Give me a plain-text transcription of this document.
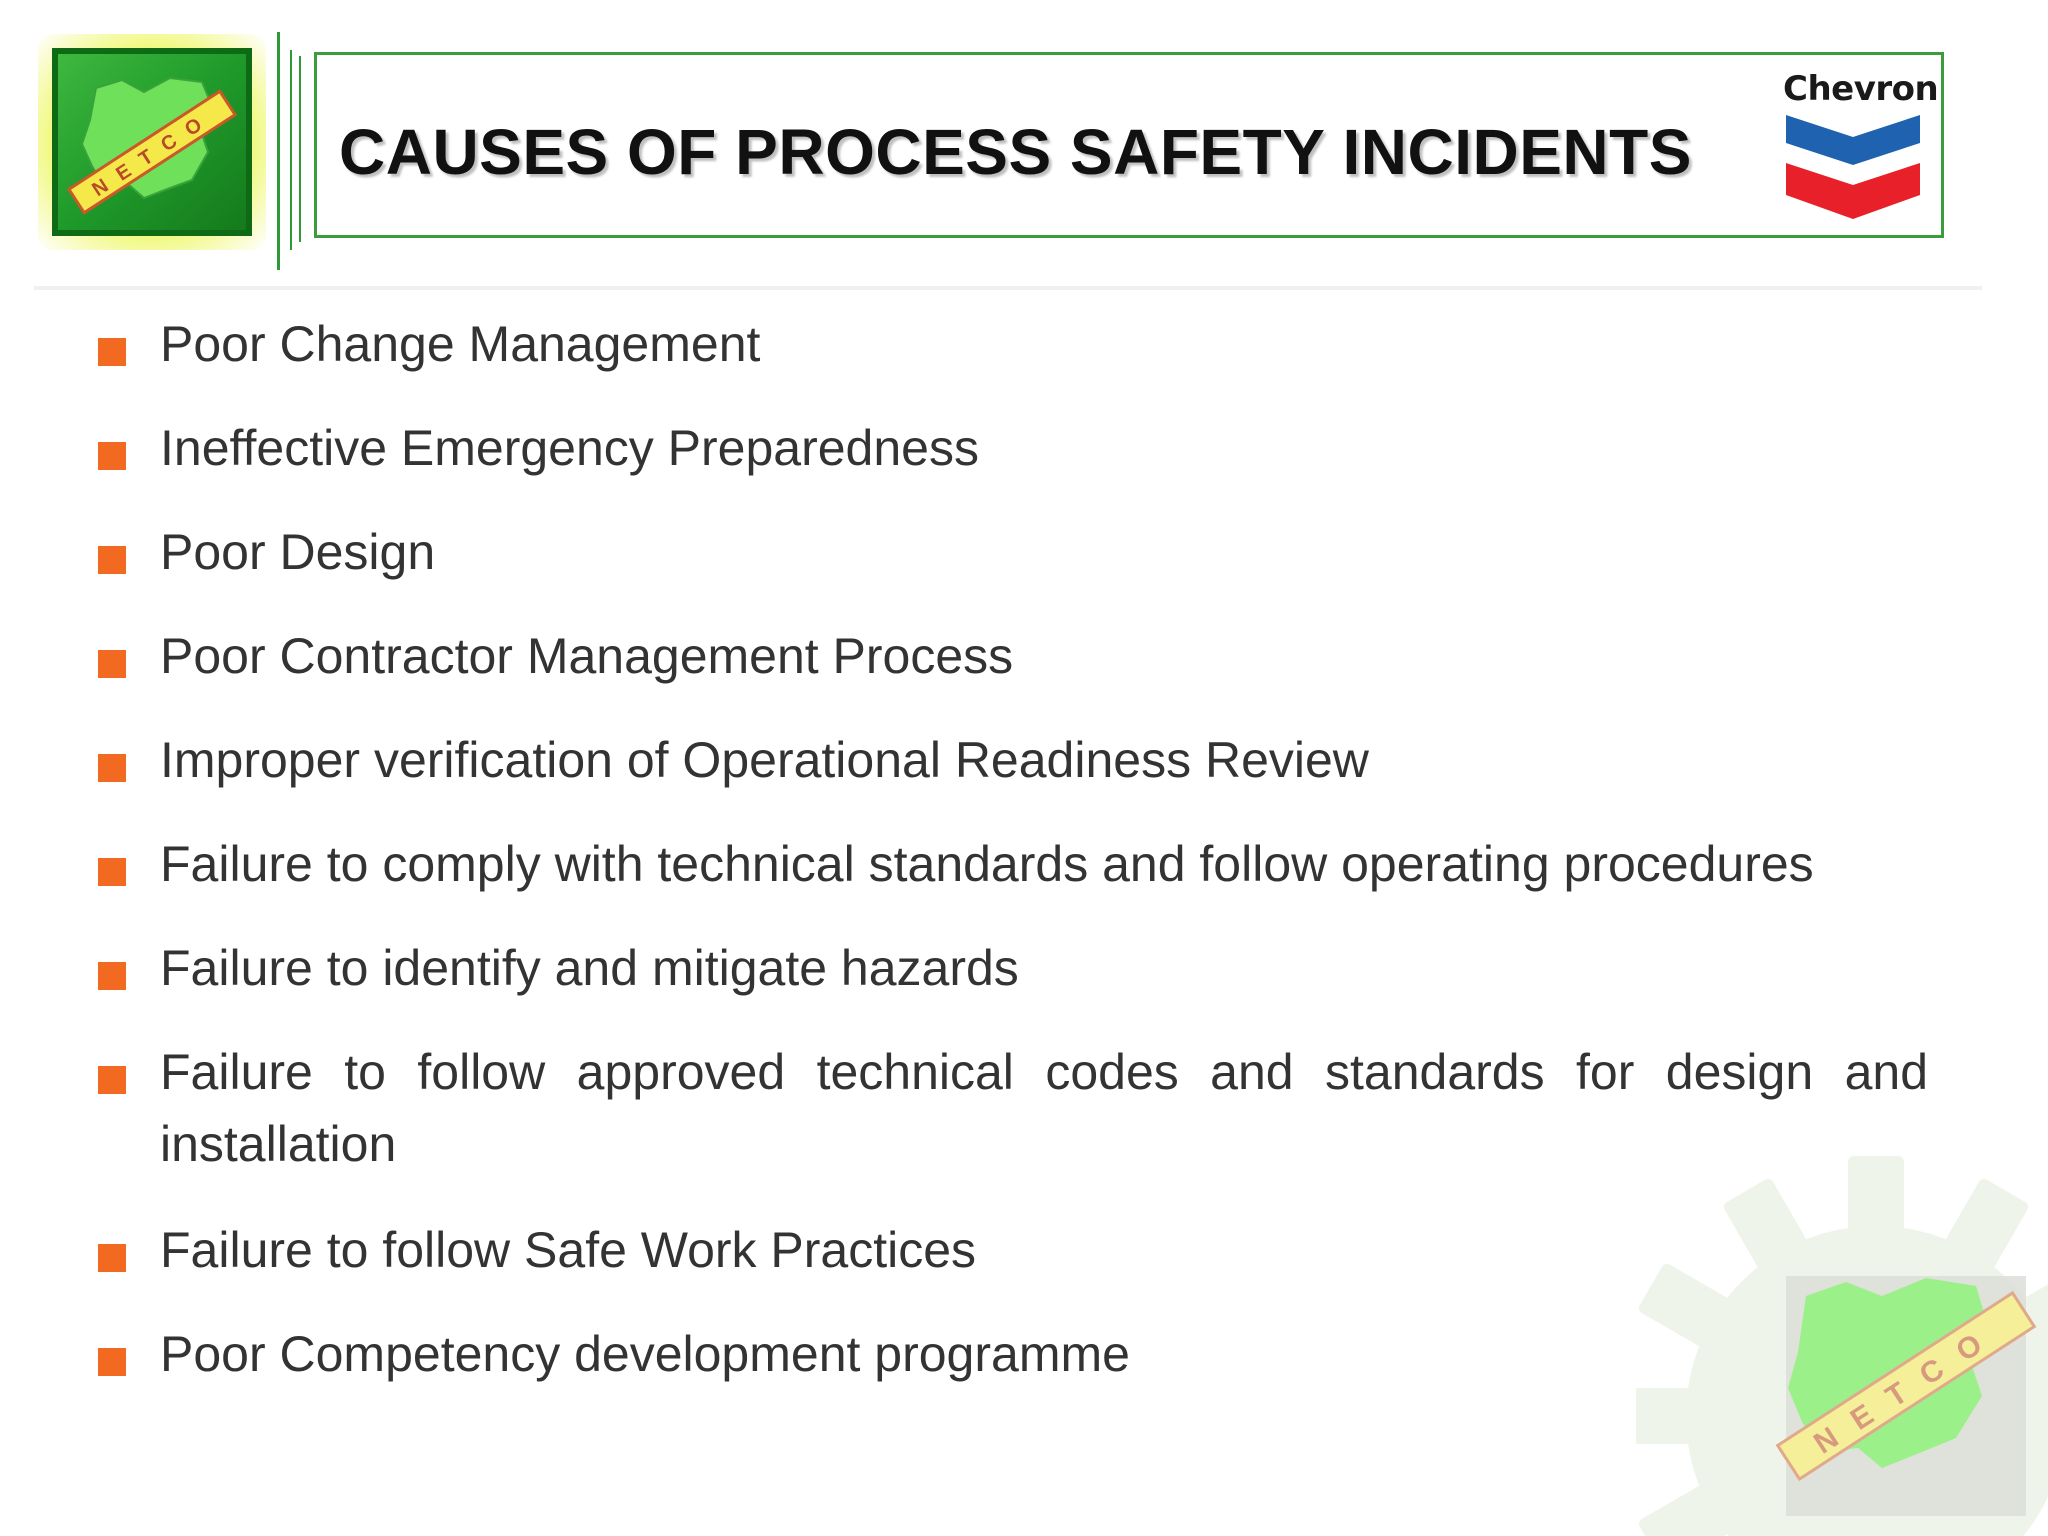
NETCO CAUSES OF PROCESS SAFETY INCIDENTS
Chevron
Poor Change Management
Ineffective Emergency Preparedness
Poor Design
Poor Contractor Management Process
Improper verification of Operational Readiness Review
Failure to comply with technical standards and follow operating procedures
Failure to identify and mitigate hazards
Failure to follow approved technical codes and standards for design and installation
Failure to follow Safe Work Practices
Poor Competency development programme	NETCO
